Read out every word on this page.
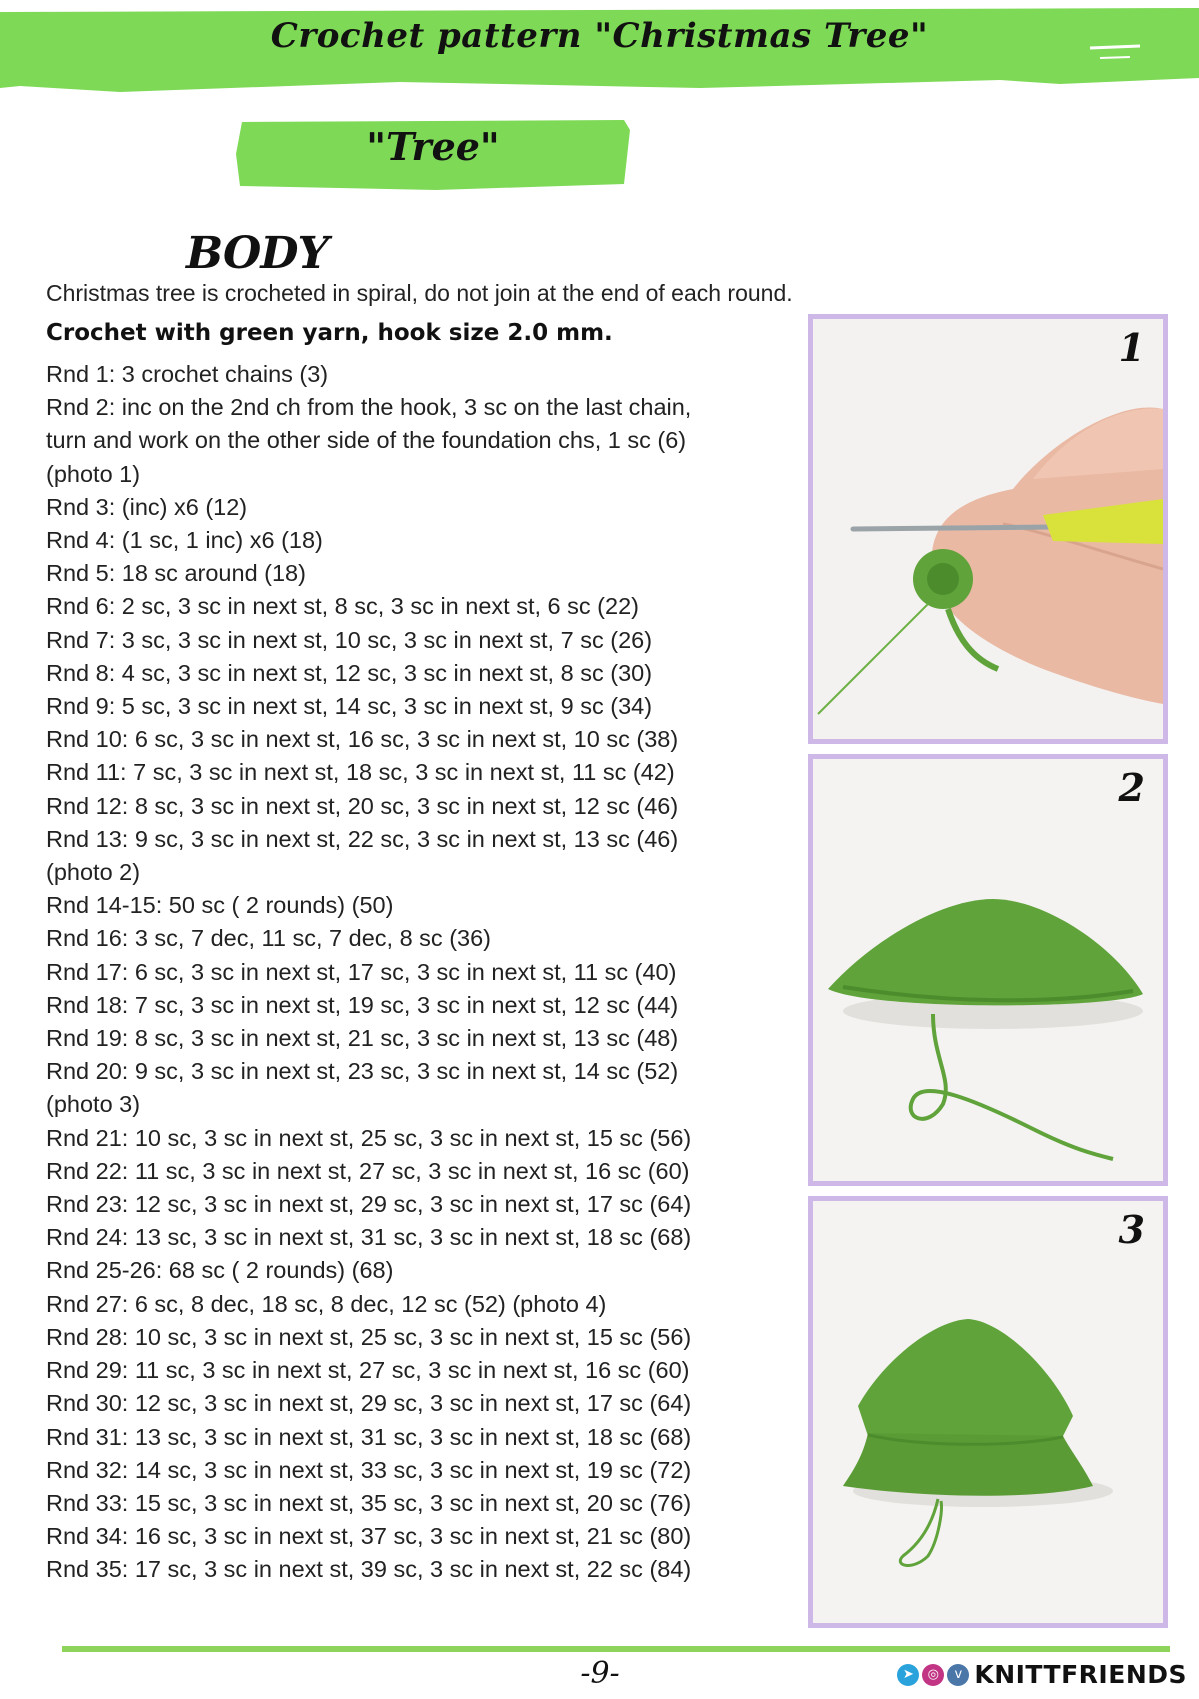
Crochet pattern "Christmas Tree"
"Tree"
BODY
Christmas tree is crocheted in spiral, do not join at the end of each round.
Crochet with green yarn, hook size 2.0 mm.
Rnd 1: 3 crochet chains (3)
Rnd 2: inc on the 2nd ch from the hook, 3 sc on the last chain,
turn and work on the other side of the foundation chs, 1 sc (6)
(photo 1)
Rnd 3: (inc) x6 (12)
Rnd 4: (1 sc, 1 inc) x6 (18)
Rnd 5: 18 sc around (18)
Rnd 6: 2 sc, 3 sc in next st, 8 sc, 3 sc in next st, 6 sc (22)
Rnd 7: 3 sc, 3 sc in next st, 10 sc, 3 sc in next st, 7 sc (26)
Rnd 8: 4 sc, 3 sc in next st, 12 sc, 3 sc in next st, 8 sc (30)
Rnd 9: 5 sc, 3 sc in next st, 14 sc, 3 sc in next st, 9 sc (34)
Rnd 10: 6 sc, 3 sc in next st, 16 sc, 3 sc in next st, 10 sc (38)
Rnd 11: 7 sc, 3 sc in next st, 18 sc, 3 sc in next st, 11 sc (42)
Rnd 12: 8 sc, 3 sc in next st, 20 sc, 3 sc in next st, 12 sc (46)
Rnd 13: 9 sc, 3 sc in next st, 22 sc, 3 sc in next st, 13 sc (46)
(photo 2)
Rnd 14-15: 50 sc ( 2 rounds) (50)
Rnd 16: 3 sc, 7 dec, 11 sc, 7 dec, 8 sc (36)
Rnd 17: 6 sc, 3 sc in next st, 17 sc, 3 sc in next st, 11 sc (40)
Rnd 18: 7 sc, 3 sc in next st, 19 sc, 3 sc in next st, 12 sc (44)
Rnd 19: 8 sc, 3 sc in next st, 21 sc, 3 sc in next st, 13 sc (48)
Rnd 20: 9 sc, 3 sc in next st, 23 sc, 3 sc in next st, 14 sc (52)
(photo 3)
Rnd 21: 10 sc, 3 sc in next st, 25 sc, 3 sc in next st, 15 sc (56)
Rnd 22: 11 sc, 3 sc in next st, 27 sc, 3 sc in next st, 16 sc (60)
Rnd 23: 12 sc, 3 sc in next st, 29 sc, 3 sc in next st, 17 sc (64)
Rnd 24: 13 sc, 3 sc in next st, 31 sc, 3 sc in next st, 18 sc (68)
Rnd 25-26: 68 sc ( 2 rounds) (68)
Rnd 27: 6 sc, 8 dec, 18 sc, 8 dec, 12 sc (52) (photo 4)
Rnd 28: 10 sc, 3 sc in next st, 25 sc, 3 sc in next st, 15 sc (56)
Rnd 29: 11 sc, 3 sc in next st, 27 sc, 3 sc in next st, 16 sc (60)
Rnd 30: 12 sc, 3 sc in next st, 29 sc, 3 sc in next st, 17 sc (64)
Rnd 31: 13 sc, 3 sc in next st, 31 sc, 3 sc in next st, 18 sc (68)
Rnd 32: 14 sc, 3 sc in next st, 33 sc, 3 sc in next st, 19 sc (72)
Rnd 33: 15 sc, 3 sc in next st, 35 sc, 3 sc in next st, 20 sc (76)
Rnd 34: 16 sc, 3 sc in next st, 37 sc, 3 sc in next st, 21 sc (80)
Rnd 35: 17 sc, 3 sc in next st, 39 sc, 3 sc in next st, 22 sc (84)
1
2
3
-9-	➤	◎	v KNITTFRIENDS
